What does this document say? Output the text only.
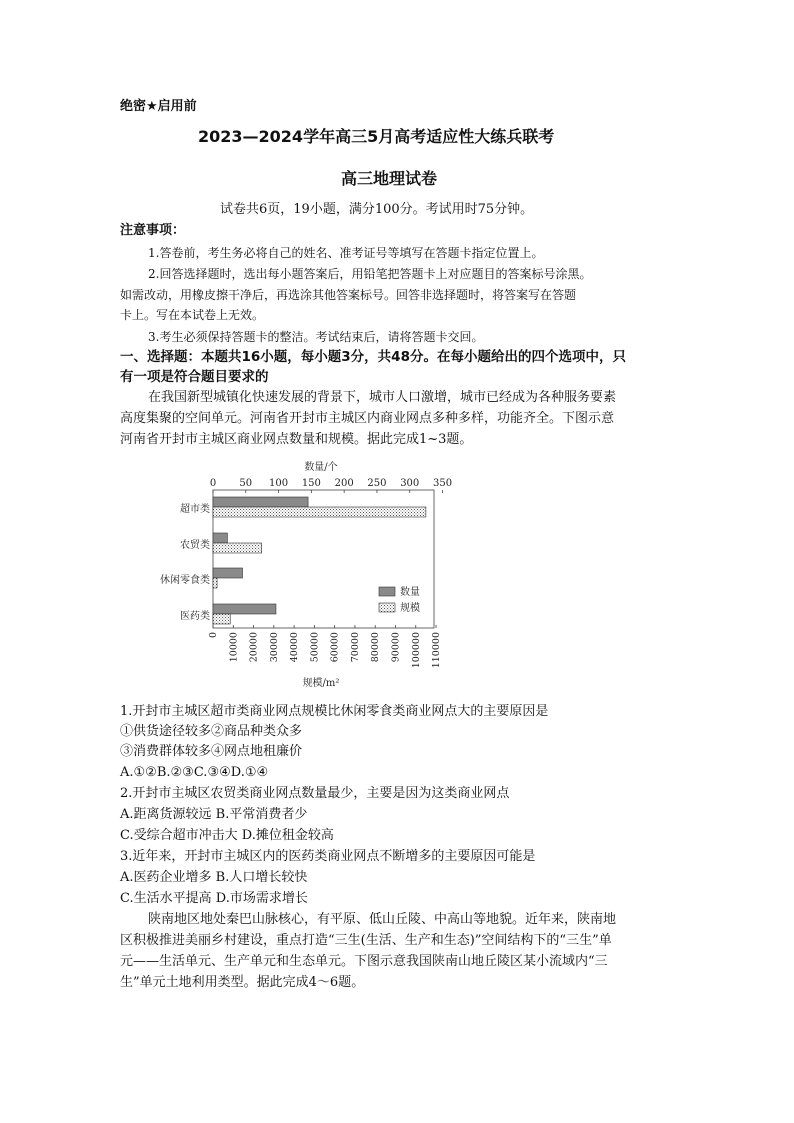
绝密★启用前
2023—2024学年高三5月高考适应性大练兵联考
高三地理试卷
试卷共6页，19小题，满分100分。考试用时75分钟。
注意事项：
1.答卷前，考生务必将自己的姓名、准考证号等填写在答题卡指定位置上。
2.回答选择题时，选出每小题答案后，用铅笔把答题卡上对应题目的答案标号涂黑。
如需改动，用橡皮擦干净后，再选涂其他答案标号。回答非选择题时，将答案写在答题
卡上。写在本试卷上无效。
3.考生必须保持答题卡的整洁。考试结束后，请将答题卡交回。
一、选择题：本题共16小题，每小题3分，共48分。在每小题给出的四个选项中，只
有一项是符合题目要求的
在我国新型城镇化快速发展的背景下，城市人口激增，城市已经成为各种服务要素
高度集聚的空间单元。河南省开封市主城区内商业网点多种多样，功能齐全。下图示意
河南省开封市主城区商业网点数量和规模。据此完成1~3题。
数量/个
0 50 100 150 200 250 300 350
0 10000 20000 30000 40000 50000 60000 70000 80000 90000 100000 110000
规模/m²
超市类
农贸类
休闲零食类
医药类
数量
规模
1.开封市主城区超市类商业网点规模比休闲零食类商业网点大的主要原因是
①供货途径较多②商品种类众多
③消费群体较多④网点地租廉价
A.①②B.②③C.③④D.①④
2.开封市主城区农贸类商业网点数量最少，主要是因为这类商业网点
A.距离货源较远 B.平常消费者少
C.受综合超市冲击大 D.摊位租金较高
3.近年来，开封市主城区内的医药类商业网点不断增多的主要原因可能是
A.医药企业增多 B.人口增长较快
C.生活水平提高 D.市场需求增长
陕南地区地处秦巴山脉核心，有平原、低山丘陵、中高山等地貌。近年来，陕南地
区积极推进美丽乡村建设，重点打造“三生(生活、生产和生态)”空间结构下的“三生”单
元——生活单元、生产单元和生态单元。下图示意我国陕南山地丘陵区某小流域内“三
生”单元土地利用类型。据此完成4～6题。
